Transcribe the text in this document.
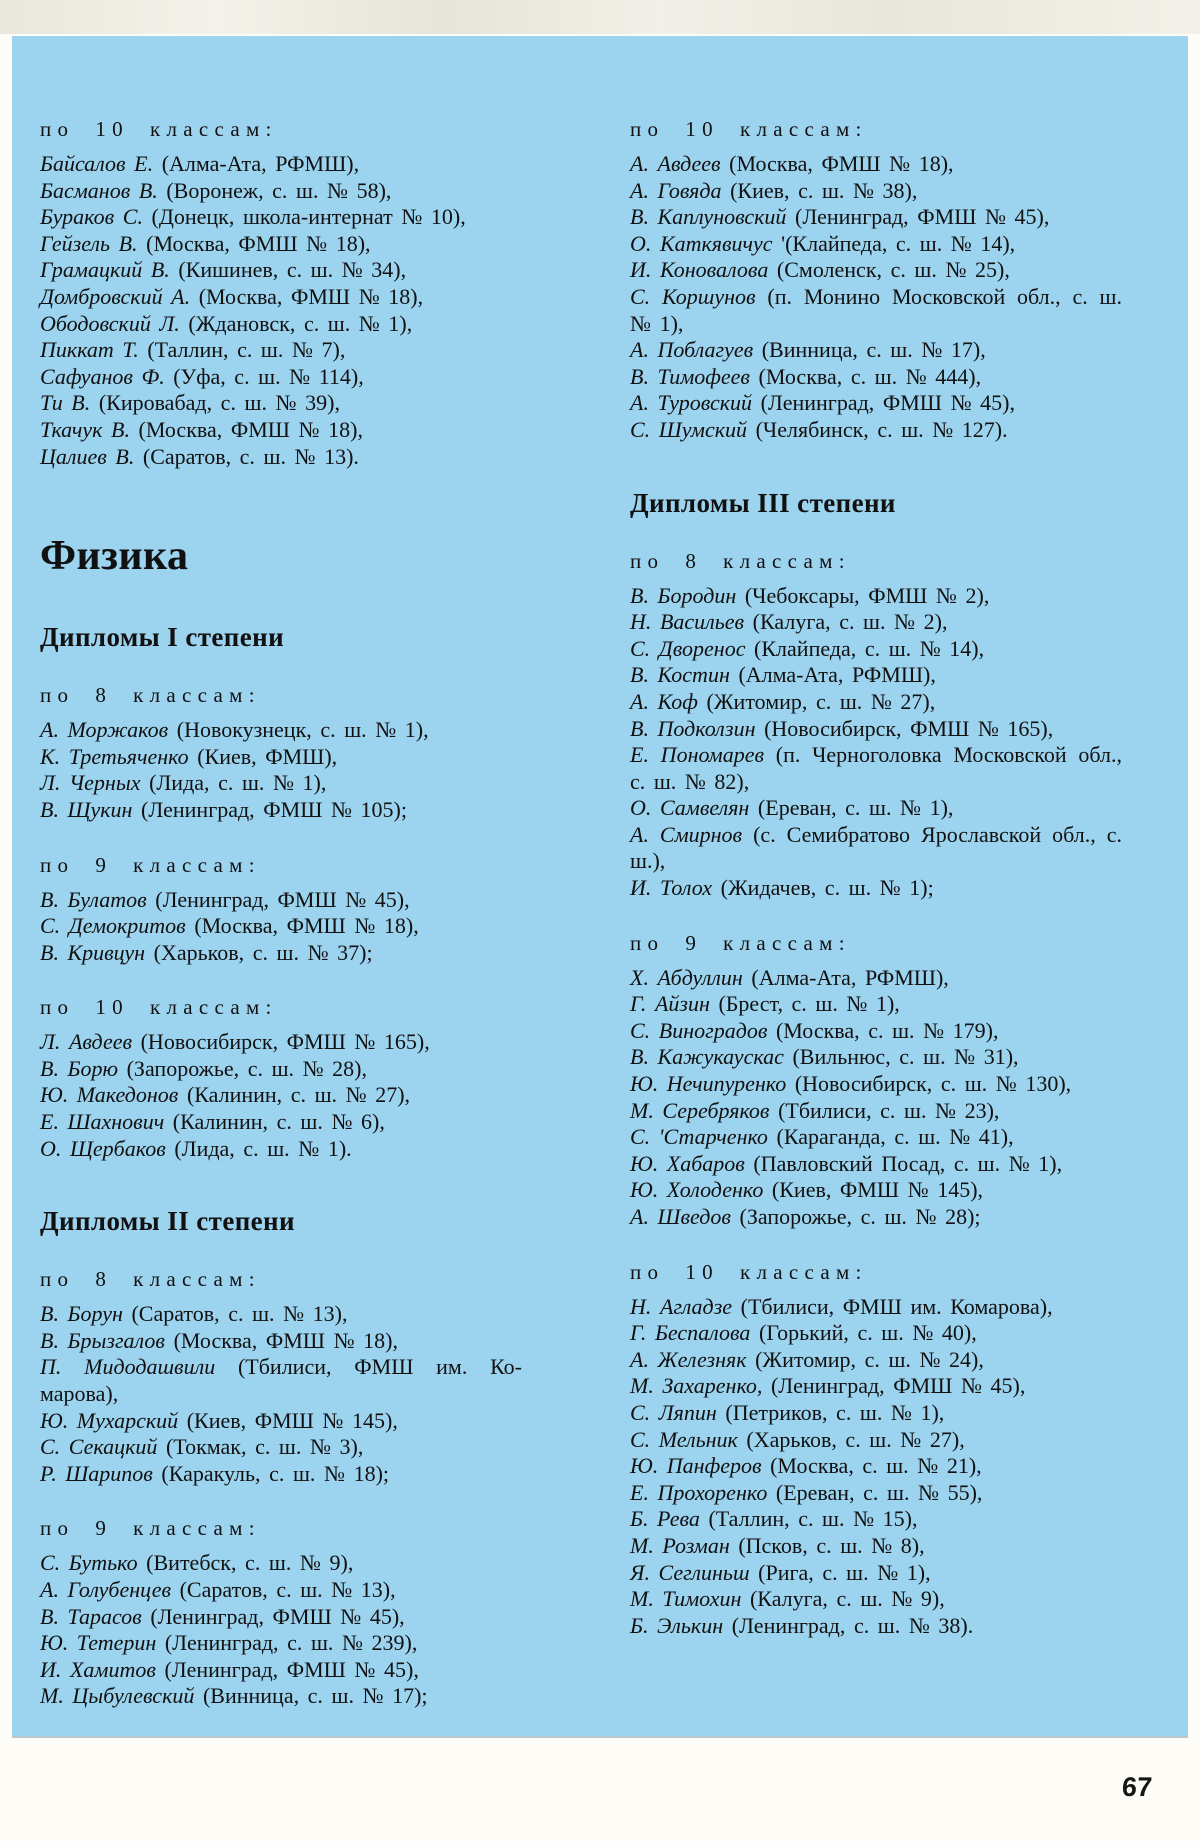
по 10 классам:

Байсалов Е. (Алма-Ата, РФМШ),

Басманов В. (Воронеж, с. ш. № 58),

Бураков С. (Донецк, школа-интернат № 10),

Гейзель В. (Москва, ФМШ № 18),

Грамацкий В. (Кишинев, с. ш. № 34),

Домбровский А. (Москва, ФМШ № 18),

Ободовский Л. (Ждановск, с. ш. № 1),

Пиккат Т. (Таллин, с. ш. № 7),

Сафуанов Ф. (Уфа, с. ш. № 114),

Ти В. (Кировабад, с. ш. № 39),

Ткачук В. (Москва, ФМШ № 18),

Цалиев В. (Саратов, с. ш. № 13).

Физика
Дипломы I степени
по 8 классам:

А. Моржаков (Новокузнецк, с. ш. № 1),

К. Третьяченко (Киев, ФМШ),

Л. Черных (Лида, с. ш. № 1),

В. Щукин (Ленинград, ФМШ № 105);

по 9 классам:

В. Булатов (Ленинград, ФМШ № 45),

С. Демокритов (Москва, ФМШ № 18),

В. Кривцун (Харьков, с. ш. № 37);

по 10 классам:

Л. Авдеев (Новосибирск, ФМШ № 165),

В. Борю (Запорожье, с. ш. № 28),

Ю. Македонов (Калинин, с. ш. № 27),

Е. Шахнович (Калинин, с. ш. № 6),

О. Щербаков (Лида, с. ш. № 1).

Дипломы II степени
по 8 классам:

В. Борун (Саратов, с. ш. № 13),

В. Брызгалов (Москва, ФМШ № 18),

П. Мидодашвили (Тбилиси, ФМШ им. Ко-марова),

Ю. Мухарский (Киев, ФМШ № 145),

С. Секацкий (Токмак, с. ш. № 3),

Р. Шарипов (Каракуль, с. ш. № 18);

по 9 классам:

С. Бутько (Витебск, с. ш. № 9),

А. Голубенцев (Саратов, с. ш. № 13),

В. Тарасов (Ленинград, ФМШ № 45),

Ю. Тетерин (Ленинград, с. ш. № 239),

И. Хамитов (Ленинград, ФМШ № 45),

М. Цыбулевский (Винница, с. ш. № 17);

по 10 классам:

А. Авдеев (Москва, ФМШ № 18),

А. Говяда (Киев, с. ш. № 38),

В. Каплуновский (Ленинград, ФМШ № 45),

О. Каткявичус '(Клайпеда, с. ш. № 14),

И. Коновалова (Смоленск, с. ш. № 25),

С. Коршунов (п. Монино Московской обл., с. ш. № 1),

А. Поблагуев (Винница, с. ш. № 17),

В. Тимофеев (Москва, с. ш. № 444),

А. Туровский (Ленинград, ФМШ № 45),

С. Шумский (Челябинск, с. ш. № 127).

Дипломы III степени
по 8 классам:

В. Бородин (Чебоксары, ФМШ № 2),

Н. Васильев (Калуга, с. ш. № 2),

С. Дворенос (Клайпеда, с. ш. № 14),

В. Костин (Алма-Ата, РФМШ),

А. Коф (Житомир, с. ш. № 27),

В. Подколзин (Новосибирск, ФМШ № 165),

Е. Пономарев (п. Черноголовка Московской обл., с. ш. № 82),

О. Самвелян (Ереван, с. ш. № 1),

А. Смирнов (с. Семибратово Ярославской обл., с. ш.),

И. Толох (Жидачев, с. ш. № 1);

по 9 классам:

Х. Абдуллин (Алма-Ата, РФМШ),

Г. Айзин (Брест, с. ш. № 1),

С. Виноградов (Москва, с. ш. № 179),

В. Кажукаускас (Вильнюс, с. ш. № 31),

Ю. Нечипуренко (Новосибирск, с. ш. № 130),

М. Серебряков (Тбилиси, с. ш. № 23),

С. 'Старченко (Караганда, с. ш. № 41),

Ю. Хабаров (Павловский Посад, с. ш. № 1),

Ю. Холоденко (Киев, ФМШ № 145),

А. Шведов (Запорожье, с. ш. № 28);

по 10 классам:

Н. Агладзе (Тбилиси, ФМШ им. Комарова),

Г. Беспалова (Горький, с. ш. № 40),

А. Железняк (Житомир, с. ш. № 24),

М. Захаренко, (Ленинград, ФМШ № 45),

С. Ляпин (Петриков, с. ш. № 1),

С. Мельник (Харьков, с. ш. № 27),

Ю. Панферов (Москва, с. ш. № 21),

Е. Прохоренко (Ереван, с. ш. № 55),

Б. Рева (Таллин, с. ш. № 15),

М. Розман (Псков, с. ш. № 8),

Я. Сеглиньш (Рига, с. ш. № 1),

М. Тимохин (Калуга, с. ш. № 9),

Б. Элькин (Ленинград, с. ш. № 38).

67
